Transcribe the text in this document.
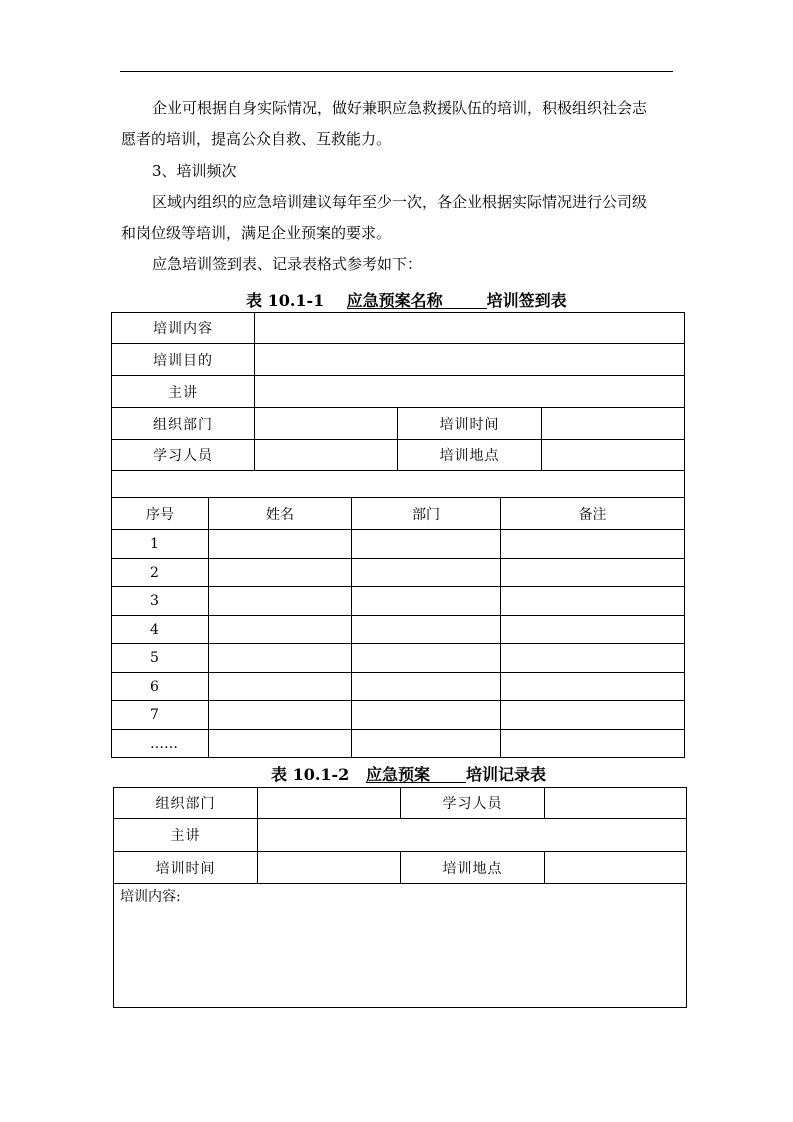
企业可根据自身实际情况，做好兼职应急救援队伍的培训，积极组织社会志
愿者的培训，提高公众自救、互救能力。
3、培训频次
区域内组织的应急培训建议每年至少一次，各企业根据实际情况进行公司级
和岗位级等培训，满足企业预案的要求。
应急培训签到表、记录表格式参考如下：
表 10.1-1 应急预案名称	培训签到表
培训内容			
培训目的			
主讲			
组织部门		培训时间	
学习人员		培训地点	

序号	姓名	部门	备注
1			
2			
3			
4			
5			
6			
7			
……			
表 10.1-2 应急预案 培训记录表
组织部门		学习人员	
主讲			
培训时间		培训地点	
培训内容:			
